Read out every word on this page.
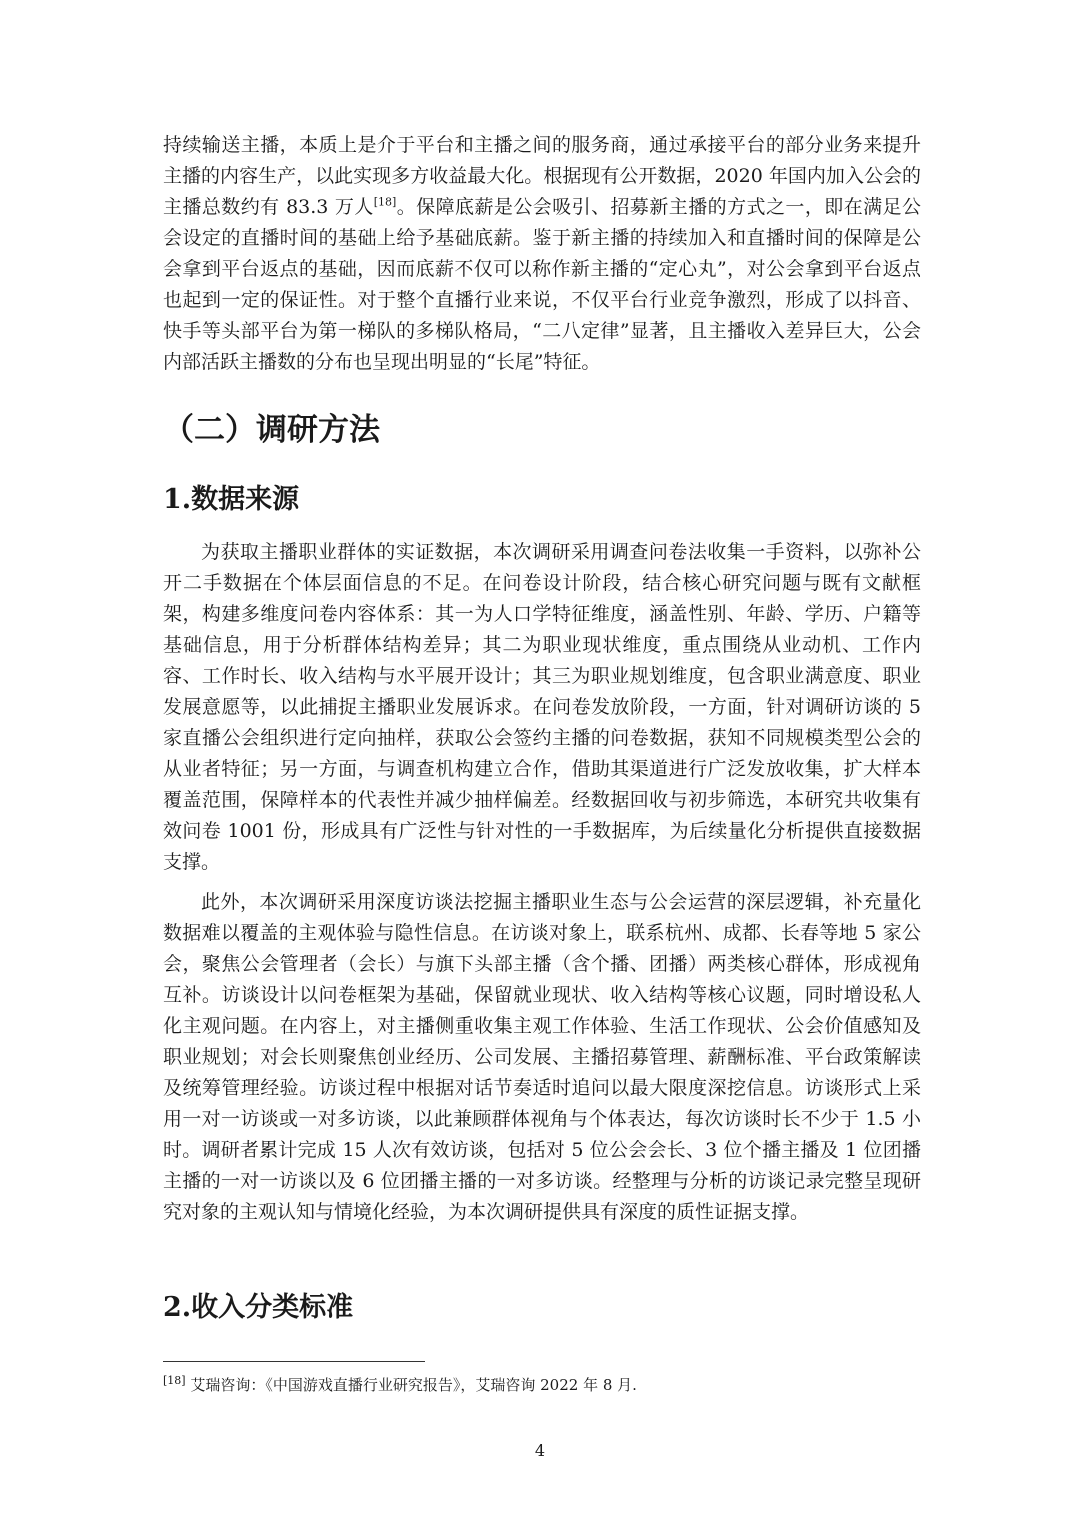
持续输送主播，本质上是介于平台和主播之间的服务商，通过承接平台的部分业务来提升主播的内容生产，以此实现多方收益最大化。根据现有公开数据，2020 年国内加入公会的主播总数约有 83.3 万人[18]。保障底薪是公会吸引、招募新主播的方式之一，即在满足公会设定的直播时间的基础上给予基础底薪。鉴于新主播的持续加入和直播时间的保障是公会拿到平台返点的基础，因而底薪不仅可以称作新主播的“定心丸”，对公会拿到平台返点也起到一定的保证性。对于整个直播行业来说，不仅平台行业竞争激烈，形成了以抖音、快手等头部平台为第一梯队的多梯队格局，“二八定律”显著，且主播收入差异巨大，公会内部活跃主播数的分布也呈现出明显的“长尾”特征。

（二）调研方法
1.数据来源

为获取主播职业群体的实证数据，本次调研采用调查问卷法收集一手资料，以弥补公开二手数据在个体层面信息的不足。在问卷设计阶段，结合核心研究问题与既有文献框架，构建多维度问卷内容体系：其一为人口学特征维度，涵盖性别、年龄、学历、户籍等基础信息，用于分析群体结构差异；其二为职业现状维度，重点围绕从业动机、工作内容、工作时长、收入结构与水平展开设计；其三为职业规划维度，包含职业满意度、职业发展意愿等，以此捕捉主播职业发展诉求。在问卷发放阶段，一方面，针对调研访谈的 5 家直播公会组织进行定向抽样，获取公会签约主播的问卷数据，获知不同规模类型公会的从业者特征；另一方面，与调查机构建立合作，借助其渠道进行广泛发放收集，扩大样本覆盖范围，保障样本的代表性并减少抽样偏差。经数据回收与初步筛选，本研究共收集有效问卷 1001 份，形成具有广泛性与针对性的一手数据库，为后续量化分析提供直接数据支撑。

此外，本次调研采用深度访谈法挖掘主播职业生态与公会运营的深层逻辑，补充量化数据难以覆盖的主观体验与隐性信息。在访谈对象上，联系杭州、成都、长春等地 5 家公会，聚焦公会管理者（会长）与旗下头部主播（含个播、团播）两类核心群体，形成视角互补。访谈设计以问卷框架为基础，保留就业现状、收入结构等核心议题，同时增设私人化主观问题。在内容上，对主播侧重收集主观工作体验、生活工作现状、公会价值感知及职业规划；对会长则聚焦创业经历、公司发展、主播招募管理、薪酬标准、平台政策解读及统筹管理经验。访谈过程中根据对话节奏适时追问以最大限度深挖信息。访谈形式上采用一对一访谈或一对多访谈，以此兼顾群体视角与个体表达，每次访谈时长不少于 1.5 小时。调研者累计完成 15 人次有效访谈，包括对 5 位公会会长、3 位个播主播及 1 位团播主播的一对一访谈以及 6 位团播主播的一对多访谈。经整理与分析的访谈记录完整呈现研究对象的主观认知与情境化经验，为本次调研提供具有深度的质性证据支撑。

2.收入分类标准

[18] 艾瑞咨询：《中国游戏直播行业研究报告》，艾瑞咨询 2022 年 8 月.

4
